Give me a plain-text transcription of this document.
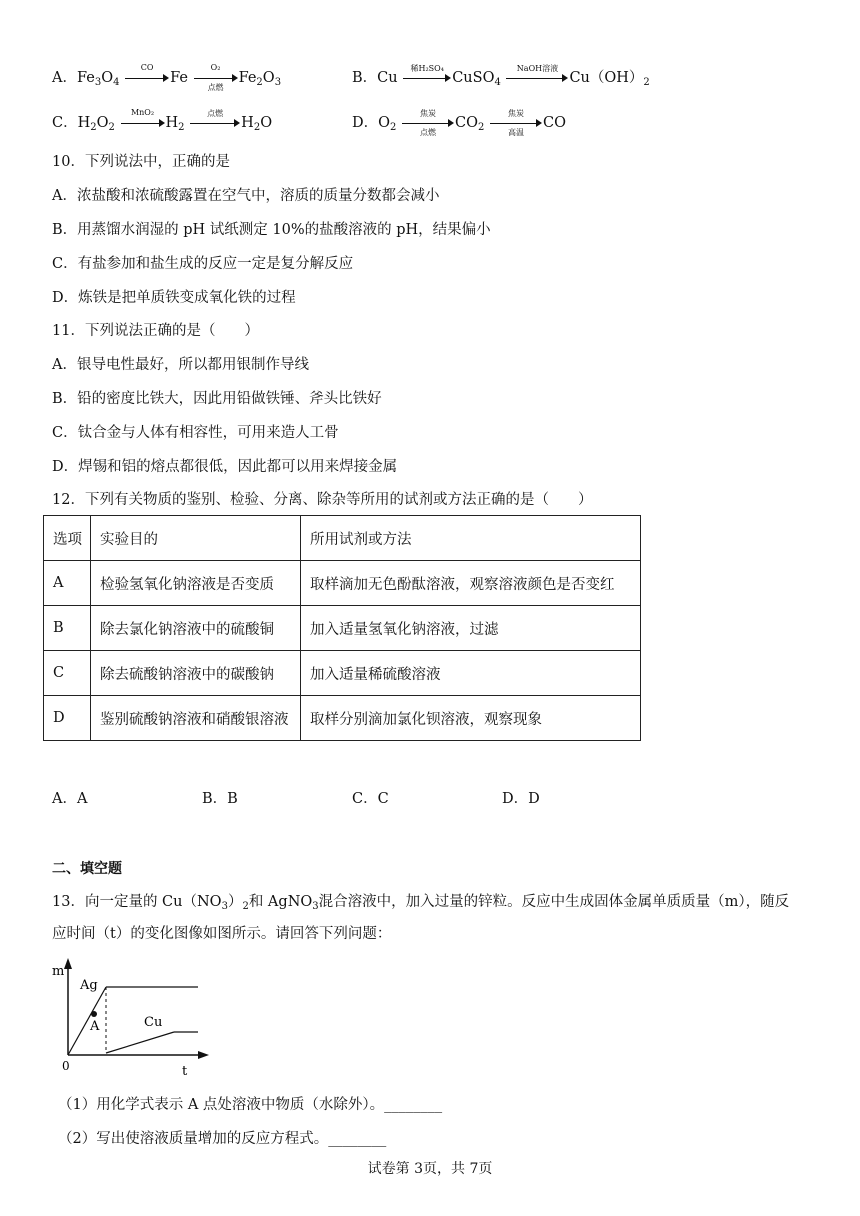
A．$Fe_3O_4$
CO
Fe
O₂
点燃
$Fe_2O_3$	B．Cu
稀H₂SO₄
CuSO$_4$
NaOH溶液
$Cu(OH)_2$
C．$H_2O_2$
MnO₂
$H_2$
点燃
$H_2O$	D．$O_2$
焦炭
点燃
$CO_2$
焦炭
高温
CO
10．下列说法中，正确的是
A．浓盐酸和浓硫酸露置在空气中，溶质的质量分数都会减小
B．用蒸馏水润湿的 pH 试纸测定 10%的盐酸溶液的 pH，结果偏小
C．有盐参加和盐生成的反应一定是复分解反应
D．炼铁是把单质铁变成氧化铁的过程
11．下列说法正确的是（　　）
A．银导电性最好，所以都用银制作导线
B．铅的密度比铁大，因此用铅做铁锤、斧头比铁好
C．钛合金与人体有相容性，可用来造人工骨
D．焊锡和铝的熔点都很低，因此都可以用来焊接金属
12．下列有关物质的鉴别、检验、分离、除杂等所用的试剂或方法正确的是（　　）
选项	实验目的	所用试剂或方法
A	检验氢氧化钠溶液是否变质	取样滴加无色酚酞溶液，观察溶液颜色是否变红
B	除去氯化钠溶液中的硫酸铜	加入适量氢氧化钠溶液，过滤
C	除去硫酸钠溶液中的碳酸钠	加入适量稀硫酸溶液
D	鉴别硫酸钠溶液和硝酸银溶液	取样分别滴加氯化钡溶液，观察现象
A．A	B．B	C．C	D．D
二、填空题
13．向一定量的 $Cu(NO_3)_2$和 AgNO$_3$混合溶液中，加入过量的锌粒。反应中生成固体金属单质质量（m），随反
应时间（t）的变化图像如图所示。请回答下列问题：
m
t
0
Ag
A	Cu
（1）用化学式表示 A 点处溶液中物质（水除外）。________
（2）写出使溶液质量增加的反应方程式。________
试卷第 3页，共 7页
